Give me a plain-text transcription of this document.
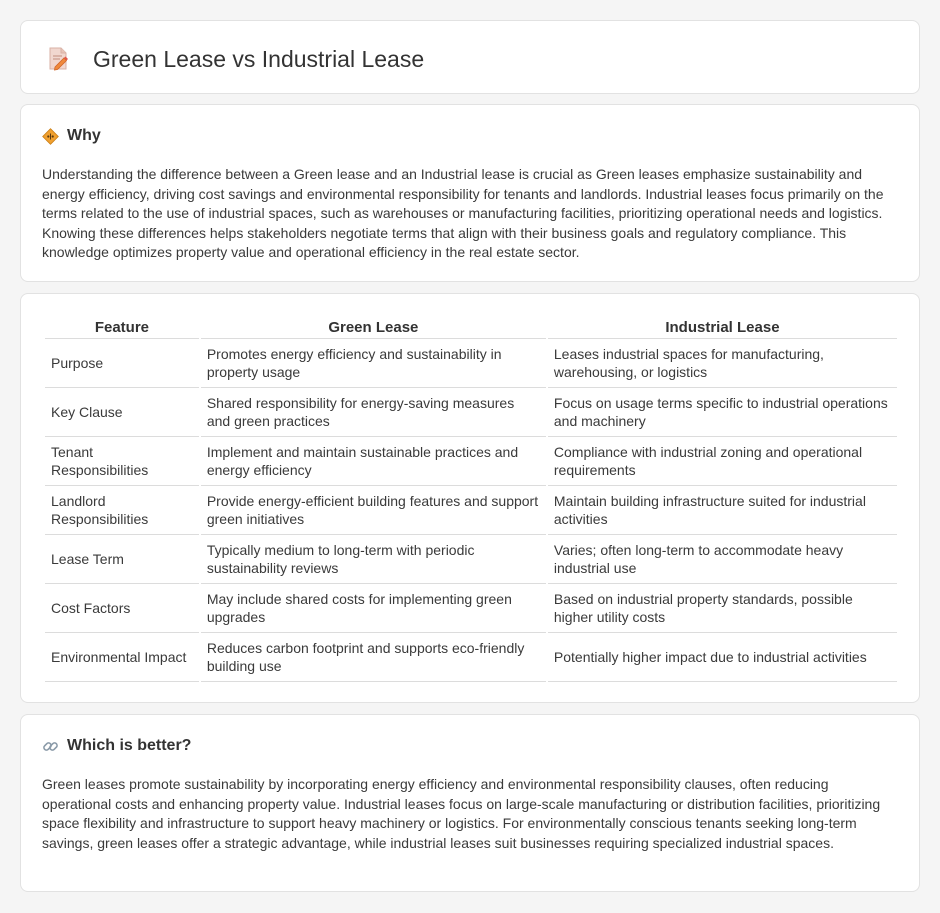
Green Lease vs Industrial Lease
Why

Understanding the difference between a Green lease and an Industrial lease is crucial as Green leases emphasize sustainability and energy efficiency, driving cost savings and environmental responsibility for tenants and landlords. Industrial leases focus primarily on the terms related to the use of industrial spaces, such as warehouses or manufacturing facilities, prioritizing operational needs and logistics. Knowing these differences helps stakeholders negotiate terms that align with their business goals and regulatory compliance. This knowledge optimizes property value and operational efficiency in the real estate sector.

Feature	Green Lease	Industrial Lease
Purpose	Promotes energy efficiency and sustainability in property usage	Leases industrial spaces for manufacturing, warehousing, or logistics
Key Clause	Shared responsibility for energy-saving measures and green practices	Focus on usage terms specific to industrial operations and machinery
Tenant Responsibilities	Implement and maintain sustainable practices and energy efficiency	Compliance with industrial zoning and operational requirements
Landlord Responsibilities	Provide energy-efficient building features and support green initiatives	Maintain building infrastructure suited for industrial activities
Lease Term	Typically medium to long-term with periodic sustainability reviews	Varies; often long-term to accommodate heavy industrial use
Cost Factors	May include shared costs for implementing green upgrades	Based on industrial property standards, possible higher utility costs
Environmental Impact	Reduces carbon footprint and supports eco-friendly building use	Potentially higher impact due to industrial activities
Which is better?

Green leases promote sustainability by incorporating energy efficiency and environmental responsibility clauses, often reducing operational costs and enhancing property value. Industrial leases focus on large-scale manufacturing or distribution facilities, prioritizing space flexibility and infrastructure to support heavy machinery or logistics. For environmentally conscious tenants seeking long-term savings, green leases offer a strategic advantage, while industrial leases suit businesses requiring specialized industrial spaces.
